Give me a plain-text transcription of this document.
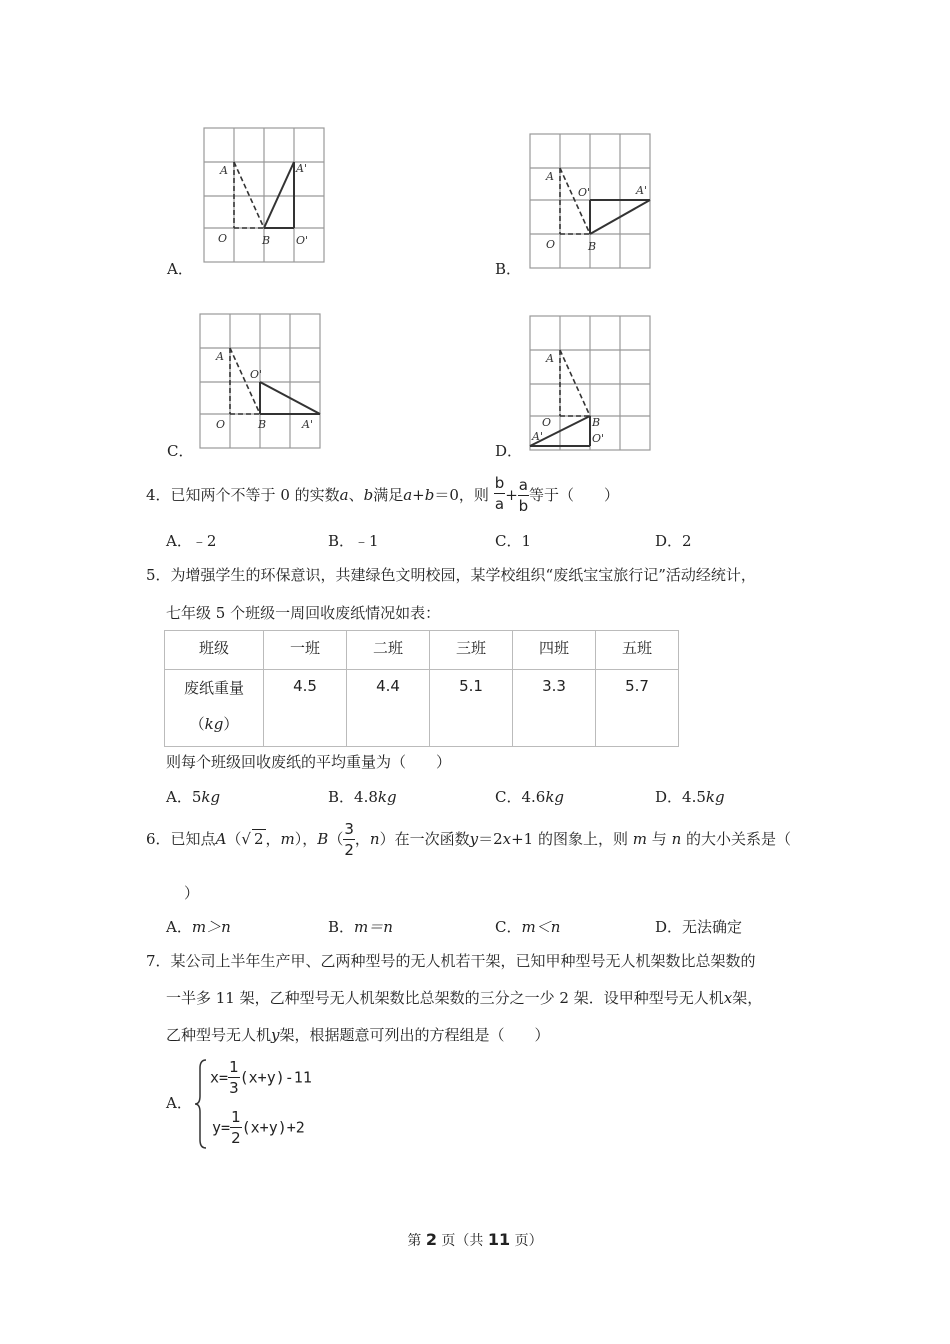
A．
A	A'
O	B O'
B．
A
O'	A'
O	B
C．
A
O'
O	B	A'
D．
A
O	B
A'	O'
4．已知两个不等于 0 的实数a、b满足a+b＝0，则 $\frac{b}{a} + \frac{a}{b}$ 等于（　　）
A．﹣2	B．﹣1	C．1	D．2
5．为增强学生的环保意识，共建绿色文明校园，某学校组织“废纸宝宝旅行记”活动经统计，
七年级 5 个班级一周回收废纸情况如表：
班级	一班	二班	三班	四班	五班

废纸重量
（kg）	4.5	4.4	5.1	3.3	5.7
则每个班级回收废纸的平均重量为（　　）
A．5kg	B．4.8kg	C．4.6kg	D．4.5kg
6．已知点A（√ 2 ，m），$B( \frac{3}{2}$ ，n）在一次函数y＝2x+1 的图象上，则 m 与 n 的大小关系是（
）
A．m＞n	B．m＝n	C．m＜n	D．无法确定
7．某公司上半年生产甲、乙两种型号的无人机若干架，已知甲种型号无人机架数比总架数的
一半多 11 架，乙种型号无人机架数比总架数的三分之一少 2 架．设甲种型号无人机x架，
乙种型号无人机y架，根据题意可列出的方程组是（　　）
A．
$x= \frac{1}{3} (x+y)-11$
$y= \frac{1}{2} (x+y)+2$
第 2 页（共 11 页）
